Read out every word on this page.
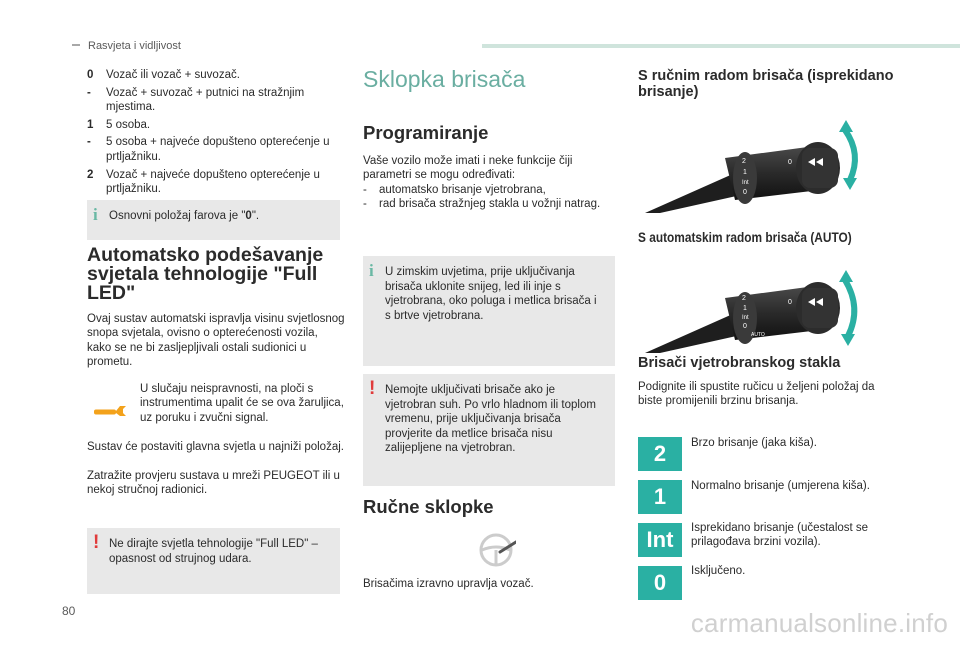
Rasvjeta i vidljivost
0	Vozač ili vozač + suvozač.
-	Vozač + suvozač + putnici na stražnjim mjestima.
1	5 osoba.
-	5 osoba + najveće dopušteno opterećenje u prtljažniku.
2	Vozač + najveće dopušteno opterećenje u prtljažniku.
i Osnovni položaj farova je "0".
Automatsko podešavanje svjetala tehnologije "Full LED"
Ovaj sustav automatski ispravlja visinu svjetlosnog snopa svjetala, ovisno o opterećenosti vozila, kako se ne bi zasljepljivali ostali sudionici u prometu.
U slučaju neispravnosti, na ploči s instrumentima upalit će se ova žaruljica, uz poruku i zvučni signal.
Sustav će postaviti glavna svjetla u najniži položaj.
Zatražite provjeru sustava u mreži PEUGEOT ili u nekoj stručnoj radionici.
! Ne dirajte svjetla tehnologije "Full LED" – opasnost od strujnog udara.
Sklopka brisača
Programiranje
Vaše vozilo može imati i neke funkcije čiji parametri se mogu određivati:
-	automatsko brisanje vjetrobrana,
-	rad brisača stražnjeg stakla u vožnji natrag.
i U zimskim uvjetima, prije uključivanja brisača uklonite snijeg, led ili inje s vjetrobrana, oko poluga i metlica brisača i s brtve vjetrobrana.
! Nemojte uključivati brisače ako je vjetrobran suh. Po vrlo hladnom ili toplom vremenu, prije uključivanja brisača provjerite da metlice brisača nisu zalijepljene na vjetrobran.
Ručne sklopke
Brisačima izravno upravlja vozač.
S ručnim radom brisača (isprekidano brisanje)
2
1
Int
0
0
S automatskim radom brisača (AUTO)
2
1
Int
0
AUTO
0
Brisači vjetrobranskog stakla
Podignite ili spustite ručicu u željeni položaj da biste promijenili brzinu brisanja.
2	Brzo brisanje (jaka kiša).
1	Normalno brisanje (umjerena kiša).
Int	Isprekidano brisanje (učestalost se prilagođava brzini vozila).
0	Isključeno.
80	carmanualsonline.info
